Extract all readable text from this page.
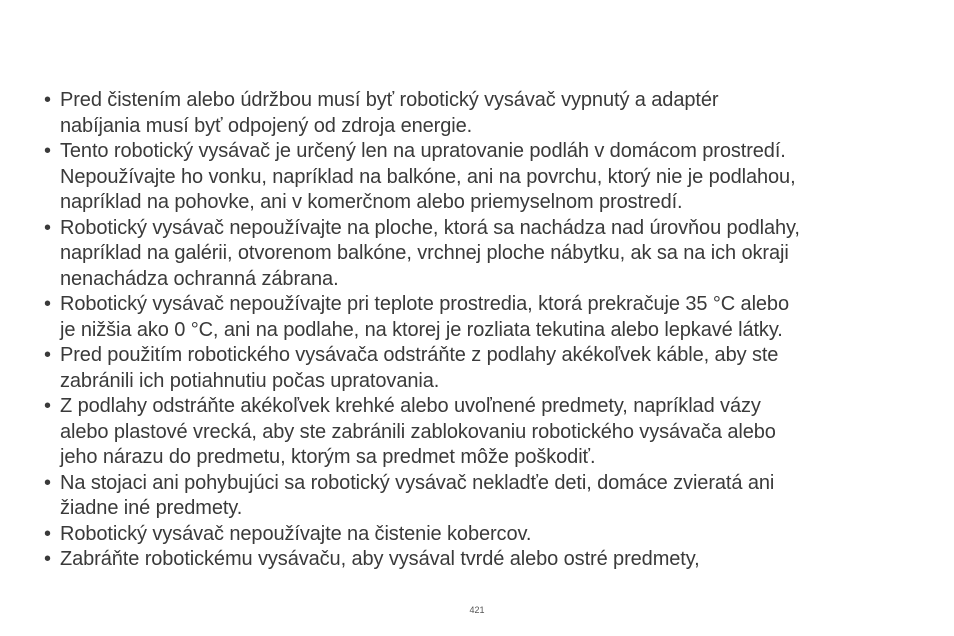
• Pred čistením alebo údržbou musí byť robotický vysávač vypnutý a adaptér
nabíjania musí byť odpojený od zdroja energie.
• Tento robotický vysávač je určený len na upratovanie podláh v domácom prostredí.
Nepoužívajte ho vonku, napríklad na balkóne, ani na povrchu, ktorý nie je podlahou,
napríklad na pohovke, ani v komerčnom alebo priemyselnom prostredí.
• Robotický vysávač nepoužívajte na ploche, ktorá sa nachádza nad úrovňou podlahy,
napríklad na galérii, otvorenom balkóne, vrchnej ploche nábytku, ak sa na ich okraji
nenachádza ochranná zábrana.
• Robotický vysávač nepoužívajte pri teplote prostredia, ktorá prekračuje 35 °C alebo
je nižšia ako 0 °C, ani na podlahe, na ktorej je rozliata tekutina alebo lepkavé látky.
• Pred použitím robotického vysávača odstráňte z podlahy akékoľvek káble, aby ste
zabránili ich potiahnutiu počas upratovania.
• Z podlahy odstráňte akékoľvek krehké alebo uvoľnené predmety, napríklad vázy
alebo plastové vrecká, aby ste zabránili zablokovaniu robotického vysávača alebo
jeho nárazu do predmetu, ktorým sa predmet môže poškodiť.
• Na stojaci ani pohybujúci sa robotický vysávač nekladťe deti, domáce zvieratá ani
žiadne iné predmety.
• Robotický vysávač nepoužívajte na čistenie kobercov.
• Zabráňte robotickému vysávaču, aby vysával tvrdé alebo ostré predmety,
421
